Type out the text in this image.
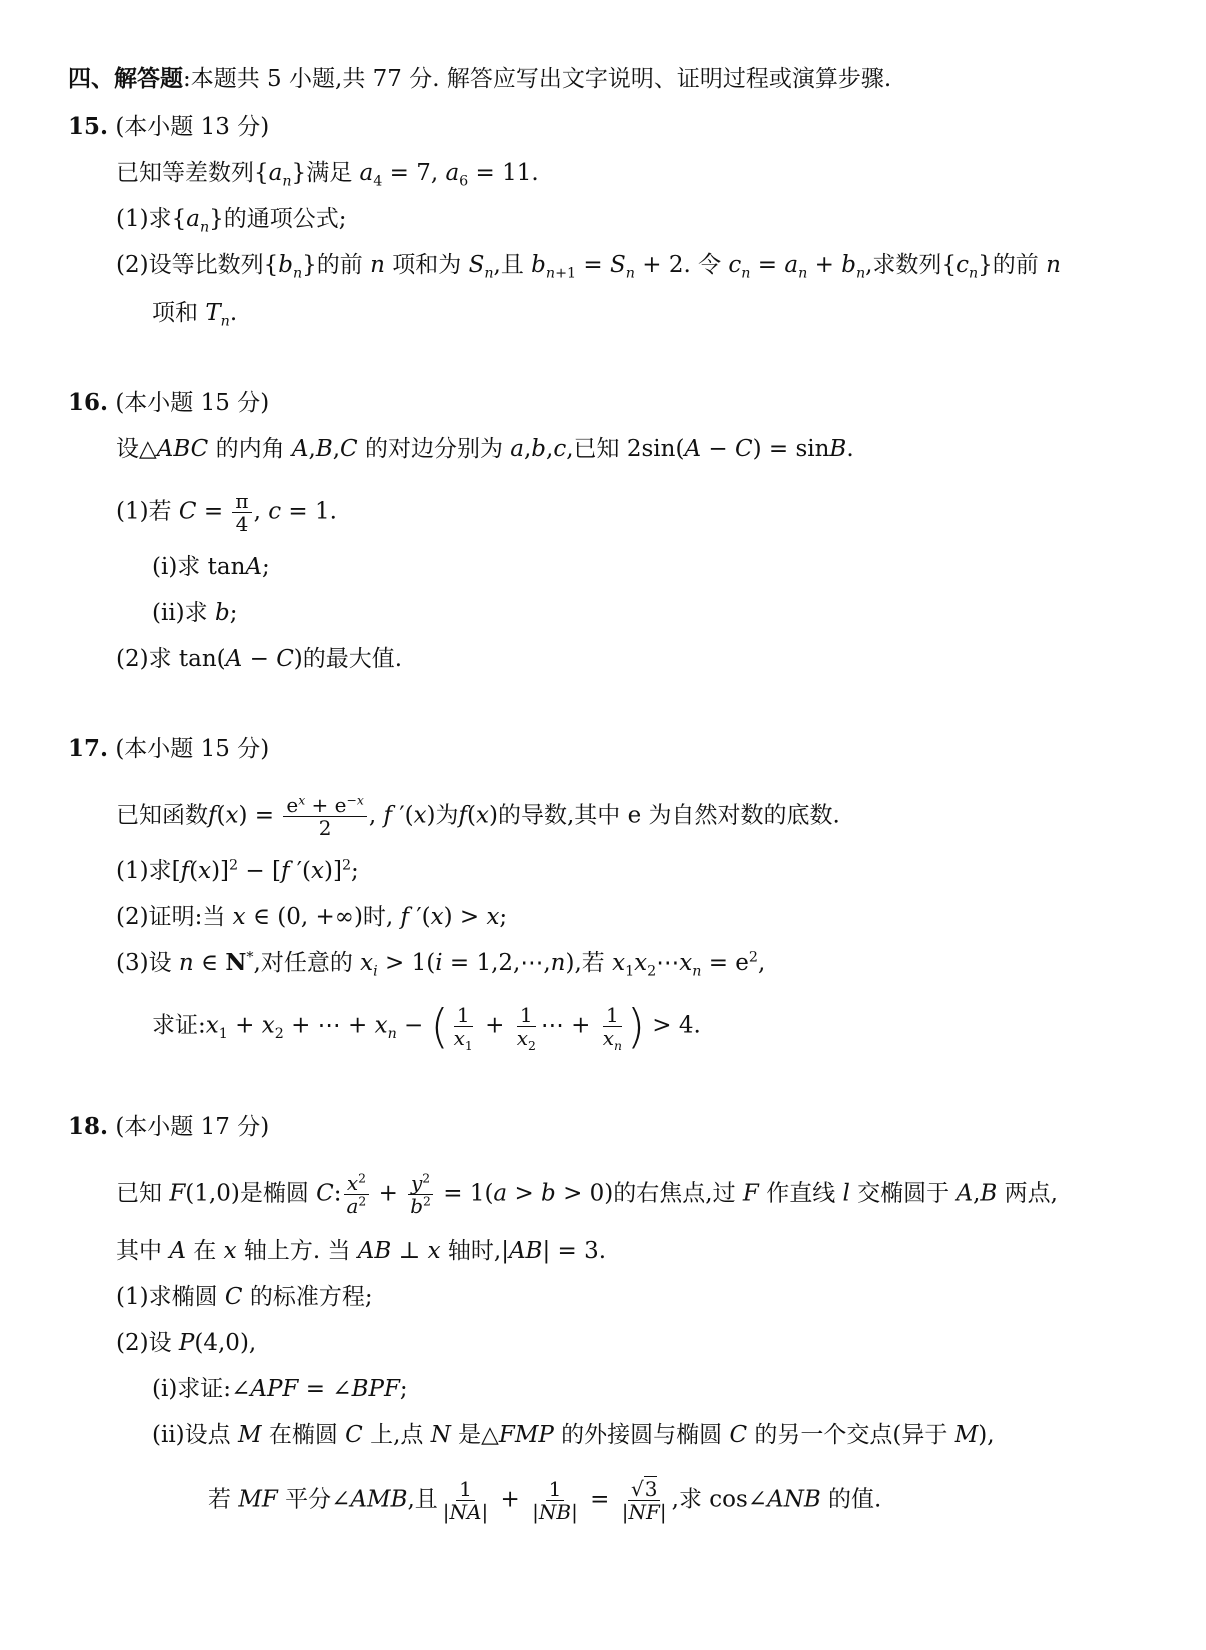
四、解答题:本题共 5 小题,共 77 分. 解答应写出文字说明、证明过程或演算步骤.
15. (本小题 13 分)
已知等差数列$\{a_n\}$满足 $a_4 = 7$, $a_6 = 11$.
(1)求$\{a_n\}$的通项公式;
(2)设等比数列$\{b_n\}$的前 n 项和为 $S_n$,且 $b_{n+1} = S_n + 2$. 令 $c_n = a_n + b_n$,求数列$\{c_n\}$的前 n
项和 $T_n$.
16. (本小题 15 分)
设△ABC 的内角 A,B,C 的对边分别为 a,b,c,已知 2sin(A − C) = sinB.
(1)若 $C = \frac{\pi}{4}$ , c = 1.
(ⅰ)求 tanA;
(ⅱ)求 b;
(2)求 tan(A − C)的最大值.
17. (本小题 15 分)
已知函数$f(x) = \frac{e^x + e^{-x}}{2}$ , f ′(x)为f(x)的导数,其中 e 为自然对数的底数.
(1)求$[f(x)]^2 - [f$ ′(x)]$^2$;
(2)证明:当 x ∈ (0, +∞)时, f ′(x) > x;
(3)设 n ∈ N*,对任意的 $x_i > 1(i$ = 1,2,⋯,n),若 $x_1x_2\cdots x_n = e^2$,
求证$:x_1 + x_2$ + ⋯ + $x_n$ − ( $\frac{1}{x_1} + \frac{1}{x_2}$ ⋯ + $\frac{1}{x_n}$ ) > 4.
18. (本小题 17 分)
已知 F(1,0)是椭圆 C: $\frac{x^2}{a^2} + \frac{y^2}{b^2} = 1(a > b > 0)$的右焦点,过 F 作直线 l 交椭圆于 A,B 两点,
其中 A 在 x 轴上方. 当 AB ⊥ x 轴时,|AB| = 3.
(1)求椭圆 C 的标准方程;
(2)设 P(4,0),
(ⅰ)求证:∠APF = ∠BPF;
(ⅱ)设点 M 在椭圆 C 上,点 N 是△FMP 的外接圆与椭圆 C 的另一个交点(异于 M),
若 MF 平分∠AMB,且 $\frac{1}{|NA|} + \frac{1}{|NB|} = \frac{√3}{|NF|}$ ,求 cos∠ANB 的值.
